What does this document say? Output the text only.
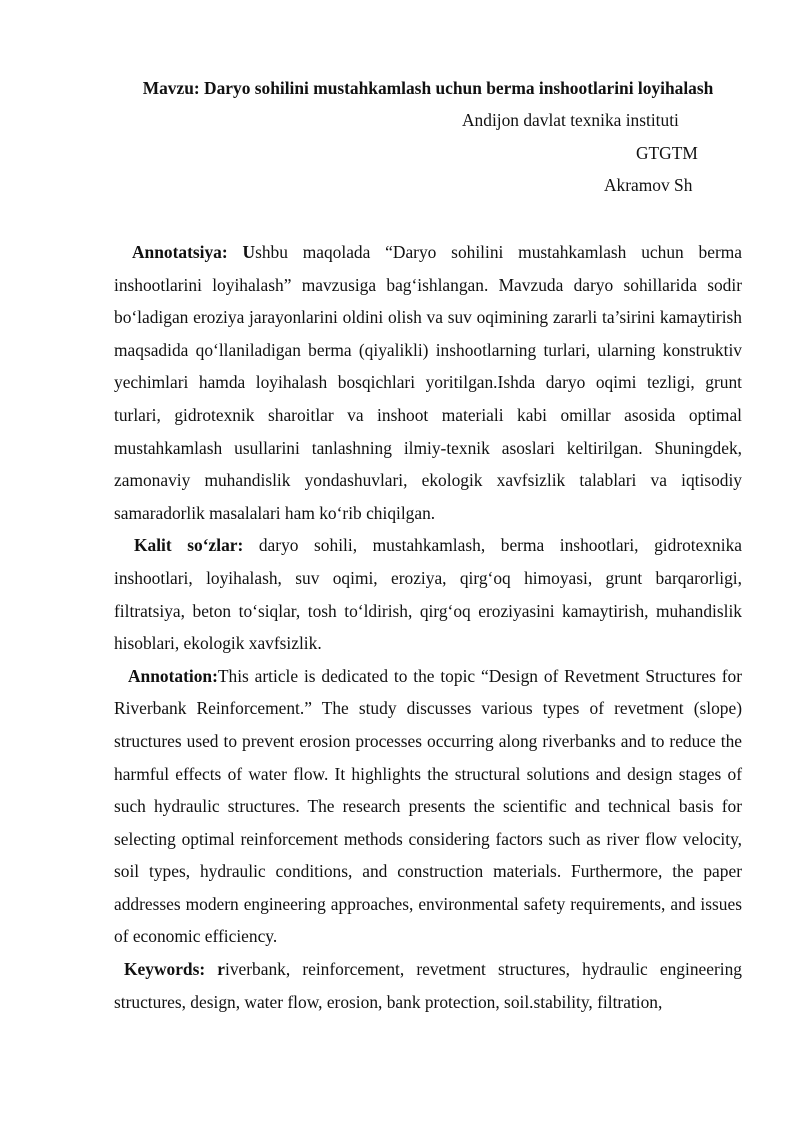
Mavzu: Daryo sohilini mustahkamlash uchun berma inshootlarini loyihalash
Andijon davlat texnika instituti
GTGTM
Akramov Sh

Annotatsiya: Ushbu maqolada “Daryo sohilini mustahkamlash uchun berma inshootlarini loyihalash” mavzusiga bag‘ishlangan. Mavzuda daryo sohillarida sodir bo‘ladigan eroziya jarayonlarini oldini olish va suv oqimining zararli ta’sirini kamaytirish maqsadida qo‘llaniladigan berma (qiyalikli) inshootlarning turlari, ularning konstruktiv yechimlari hamda loyihalash bosqichlari yoritilgan.Ishda daryo oqimi tezligi, grunt turlari, gidrotexnik sharoitlar va inshoot materiali kabi omillar asosida optimal mustahkamlash usullarini tanlashning ilmiy-texnik asoslari keltirilgan. Shuningdek, zamonaviy muhandislik yondashuvlari, ekologik xavfsizlik talablari va iqtisodiy samaradorlik masalalari ham ko‘rib chiqilgan.

Kalit so‘zlar: daryo sohili, mustahkamlash, berma inshootlari, gidrotexnika inshootlari, loyihalash, suv oqimi, eroziya, qirg‘oq himoyasi, grunt barqarorligi, filtratsiya, beton to‘siqlar, tosh to‘ldirish, qirg‘oq eroziyasini kamaytirish, muhandislik hisoblari, ekologik xavfsizlik.

Annotation:This article is dedicated to the topic “Design of Revetment Structures for Riverbank Reinforcement.” The study discusses various types of revetment (slope) structures used to prevent erosion processes occurring along riverbanks and to reduce the harmful effects of water flow. It highlights the structural solutions and design stages of such hydraulic structures. The research presents the scientific and technical basis for selecting optimal reinforcement methods considering factors such as river flow velocity, soil types, hydraulic conditions, and construction materials. Furthermore, the paper addresses modern engineering approaches, environmental safety requirements, and issues of economic efficiency.

Keywords: riverbank, reinforcement, revetment structures, hydraulic engineering structures, design, water flow, erosion, bank protection, soil.stability, filtration,
